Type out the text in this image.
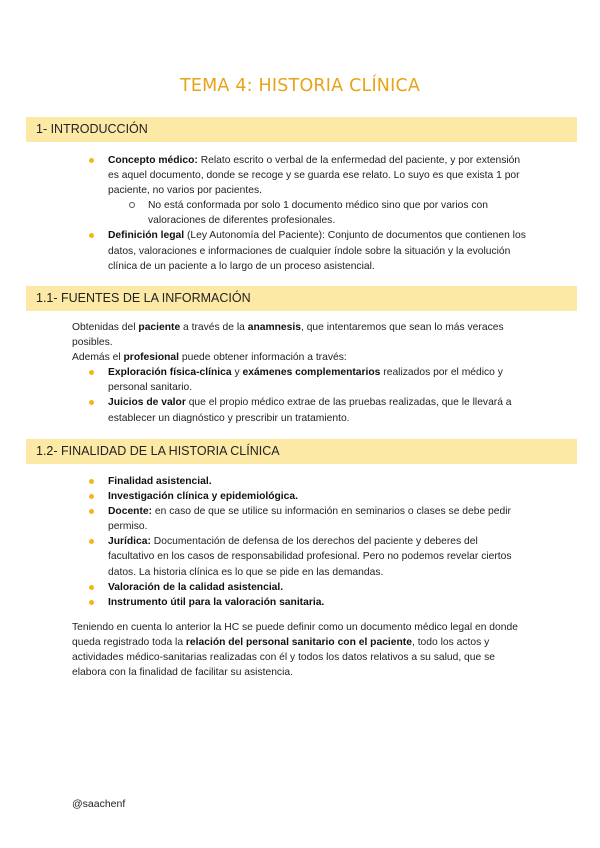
TEMA 4: HISTORIA CLÍNICA
1- INTRODUCCIÓN
Concepto médico: Relato escrito o verbal de la enfermedad del paciente, y por extensión es aquel documento, donde se recoge y se guarda ese relato. Lo suyo es que exista 1 por paciente, no varios por pacientes.
No está conformada por solo 1 documento médico sino que por varios con valoraciones de diferentes profesionales.
Definición legal (Ley Autonomía del Paciente): Conjunto de documentos que contienen los datos, valoraciones e informaciones de cualquier índole sobre la situación y la evolución clínica de un paciente a lo largo de un proceso asistencial.
1.1- FUENTES DE LA INFORMACIÓN

Obtenidas del paciente a través de la anamnesis, que intentaremos que sean lo más veraces posibles.

Además el profesional puede obtener información a través:

Exploración física-clínica y exámenes complementarios realizados por el médico y personal sanitario.
Juicios de valor que el propio médico extrae de las pruebas realizadas, que le llevará a establecer un diagnóstico y prescribir un tratamiento.
1.2- FINALIDAD DE LA HISTORIA CLÍNICA
Finalidad asistencial.
Investigación clínica y epidemiológica.
Docente: en caso de que se utilice su información en seminarios o clases se debe pedir permiso.
Jurídica: Documentación de defensa de los derechos del paciente y deberes del facultativo en los casos de responsabilidad profesional. Pero no podemos revelar ciertos datos. La historia clínica es lo que se pide en las demandas.
Valoración de la calidad asistencial.
Instrumento útil para la valoración sanitaria.

Teniendo en cuenta lo anterior la HC se puede definir como un documento médico legal en donde queda registrado toda la relación del personal sanitario con el paciente, todo los actos y actividades médico-sanitarias realizadas con él y todos los datos relativos a su salud, que se elabora con la finalidad de facilitar su asistencia.

@saachenf
